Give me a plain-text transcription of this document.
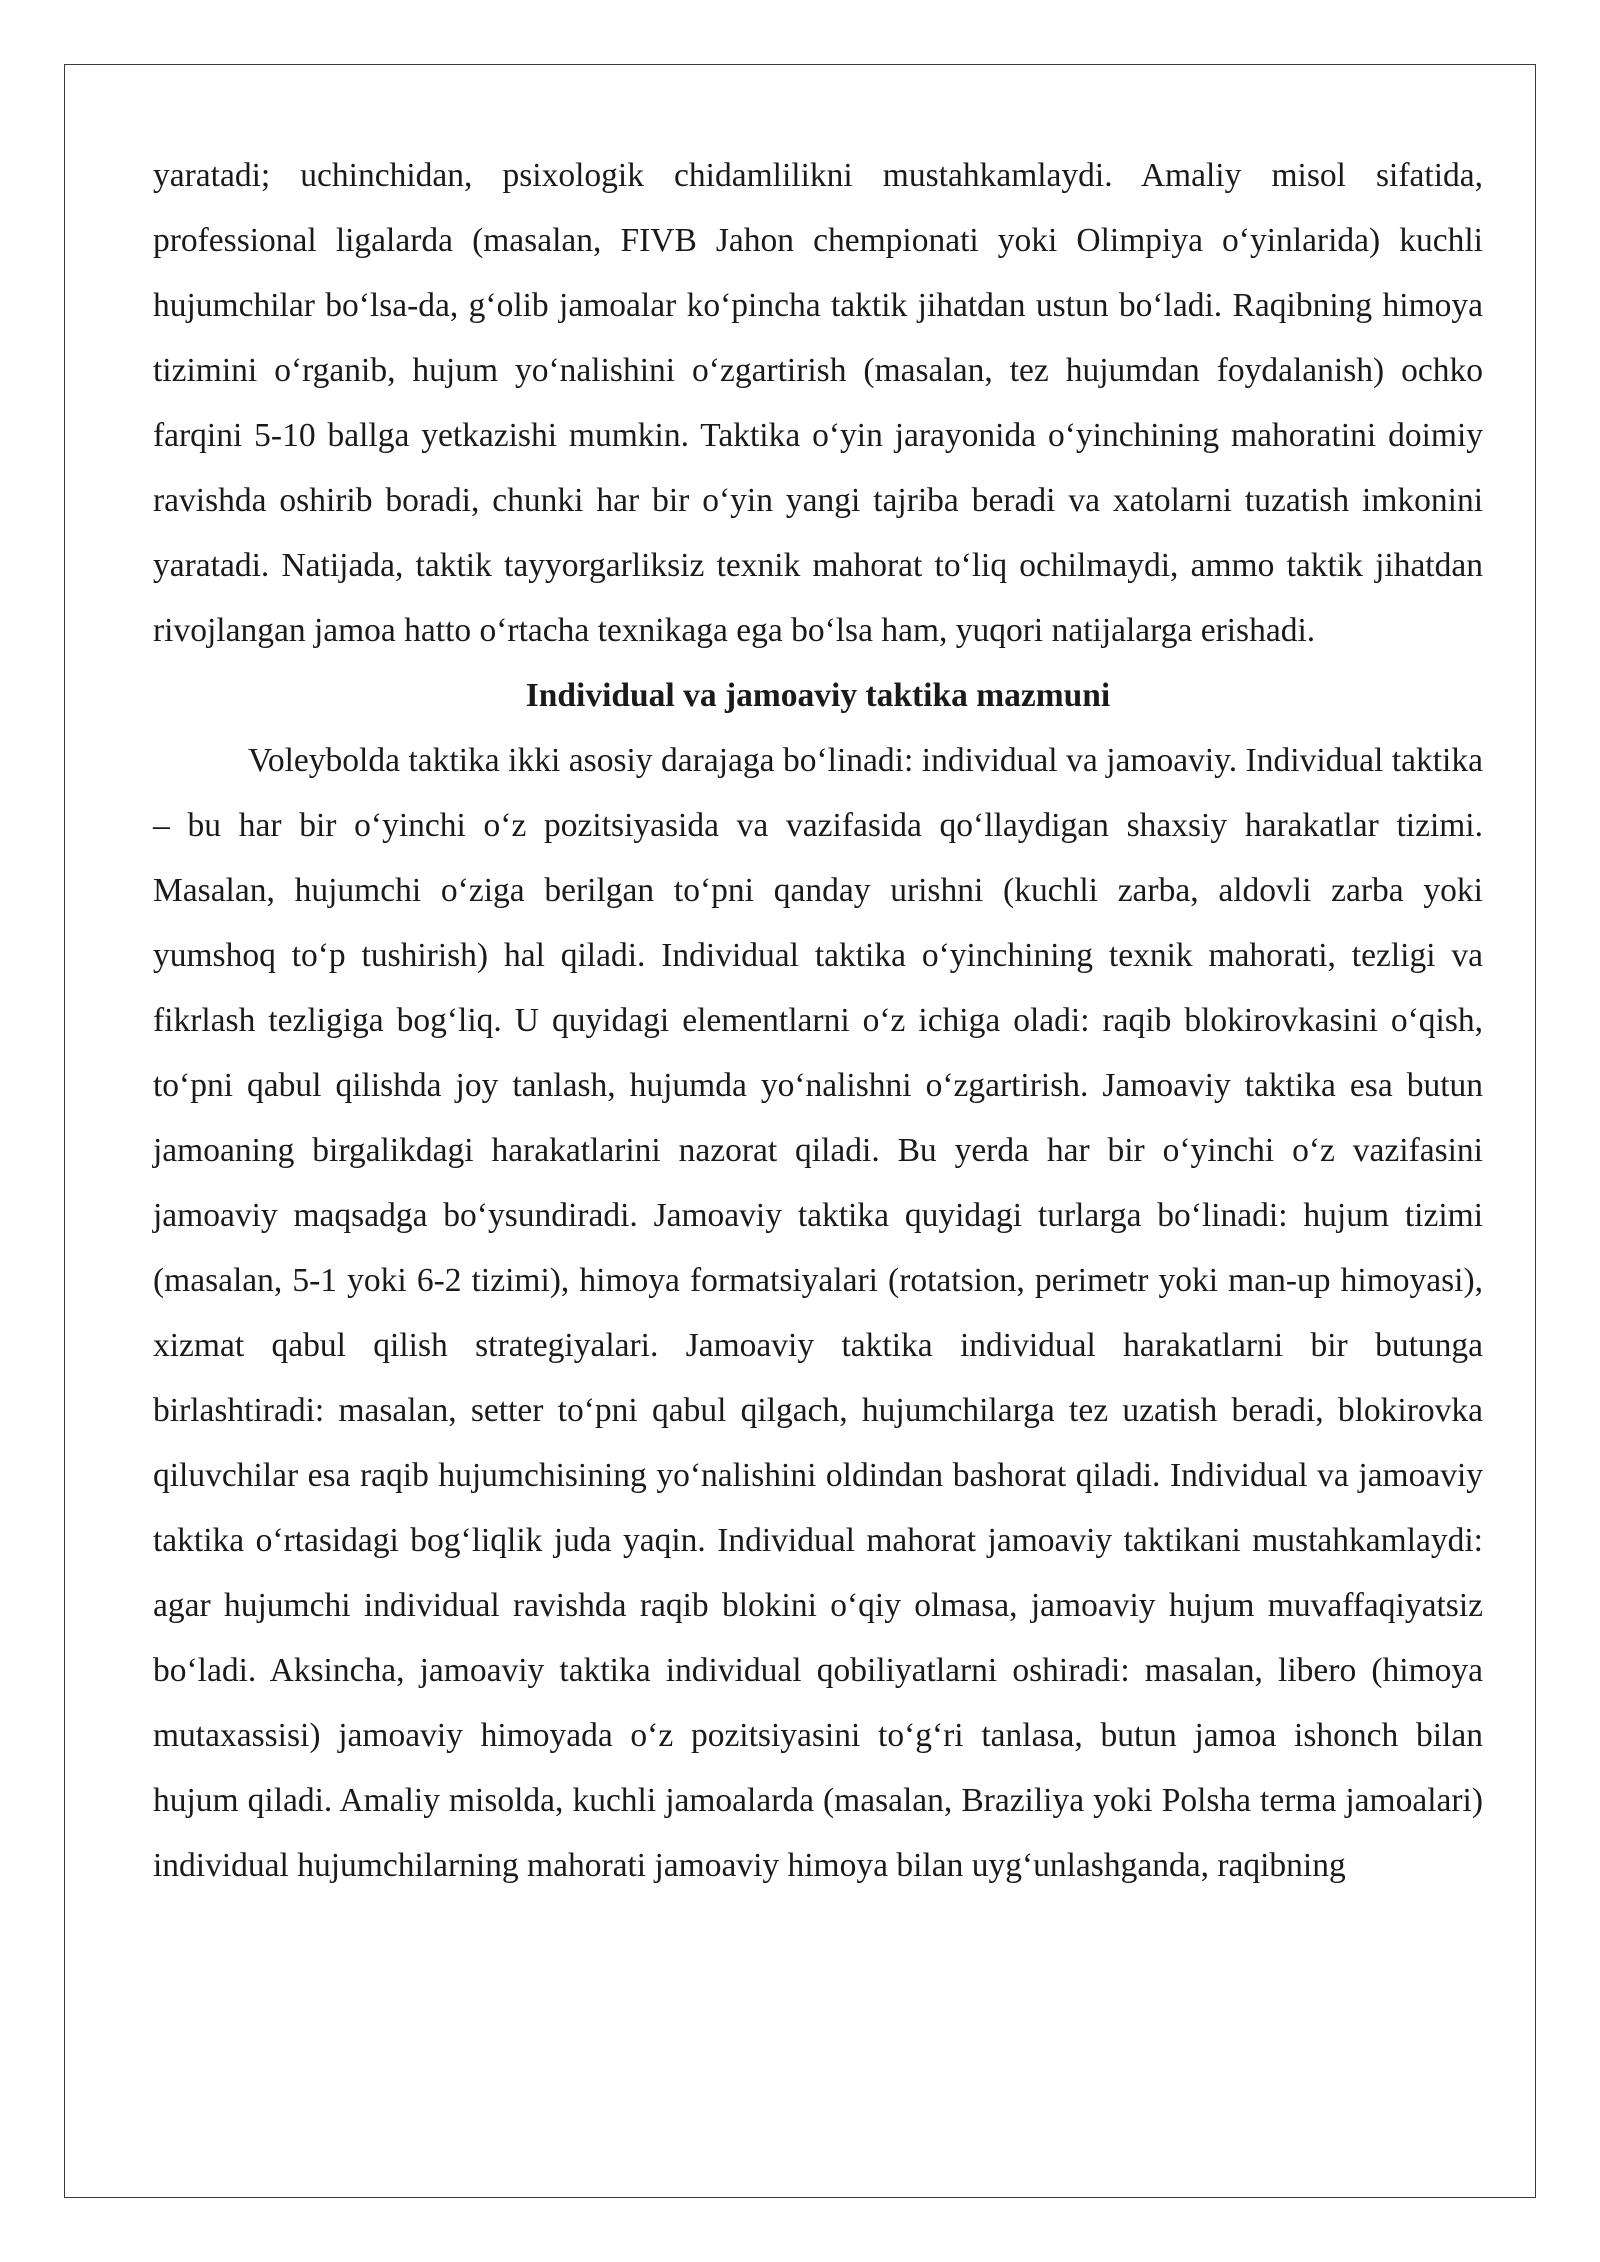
yaratadi; uchinchidan, psixologik chidamlilikni mustahkamlaydi. Amaliy misol sifatida, professional ligalarda (masalan, FIVB Jahon chempionati yoki Olimpiya o‘yinlarida) kuchli hujumchilar bo‘lsa-da, g‘olib jamoalar ko‘pincha taktik jihatdan ustun bo‘ladi. Raqibning himoya tizimini o‘rganib, hujum yo‘nalishini o‘zgartirish (masalan, tez hujumdan foydalanish) ochko farqini 5-10 ballga yetkazishi mumkin. Taktika o‘yin jarayonida o‘yinchining mahoratini doimiy ravishda oshirib boradi, chunki har bir o‘yin yangi tajriba beradi va xatolarni tuzatish imkonini yaratadi. Natijada, taktik tayyorgarliksiz texnik mahorat to‘liq ochilmaydi, ammo taktik jihatdan rivojlangan jamoa hatto o‘rtacha texnikaga ega bo‘lsa ham, yuqori natijalarga erishadi.

Individual va jamoaviy taktika mazmuni

Voleybolda taktika ikki asosiy darajaga bo‘linadi: individual va jamoaviy. Individual taktika – bu har bir o‘yinchi o‘z pozitsiyasida va vazifasida qo‘llaydigan shaxsiy harakatlar tizimi. Masalan, hujumchi o‘ziga berilgan to‘pni qanday urishni (kuchli zarba, aldovli zarba yoki yumshoq to‘p tushirish) hal qiladi. Individual taktika o‘yinchining texnik mahorati, tezligi va fikrlash tezligiga bog‘liq. U quyidagi elementlarni o‘z ichiga oladi: raqib blokirovkasini o‘qish, to‘pni qabul qilishda joy tanlash, hujumda yo‘nalishni o‘zgartirish. Jamoaviy taktika esa butun jamoaning birgalikdagi harakatlarini nazorat qiladi. Bu yerda har bir o‘yinchi o‘z vazifasini jamoaviy maqsadga bo‘ysundiradi. Jamoaviy taktika quyidagi turlarga bo‘linadi: hujum tizimi (masalan, 5-1 yoki 6-2 tizimi), himoya formatsiyalari (rotatsion, perimetr yoki man-up himoyasi), xizmat qabul qilish strategiyalari. Jamoaviy taktika individual harakatlarni bir butunga birlashtiradi: masalan, setter to‘pni qabul qilgach, hujumchilarga tez uzatish beradi, blokirovka qiluvchilar esa raqib hujumchisining yo‘nalishini oldindan bashorat qiladi. Individual va jamoaviy taktika o‘rtasidagi bog‘liqlik juda yaqin. Individual mahorat jamoaviy taktikani mustahkamlaydi: agar hujumchi individual ravishda raqib blokini o‘qiy olmasa, jamoaviy hujum muvaffaqiyatsiz bo‘ladi. Aksincha, jamoaviy taktika individual qobiliyatlarni oshiradi: masalan, libero (himoya mutaxassisi) jamoaviy himoyada o‘z pozitsiyasini to‘g‘ri tanlasa, butun jamoa ishonch bilan hujum qiladi. Amaliy misolda, kuchli jamoalarda (masalan, Braziliya yoki Polsha terma jamoalari) individual hujumchilarning mahorati jamoaviy himoya bilan uyg‘unlashganda, raqibning
